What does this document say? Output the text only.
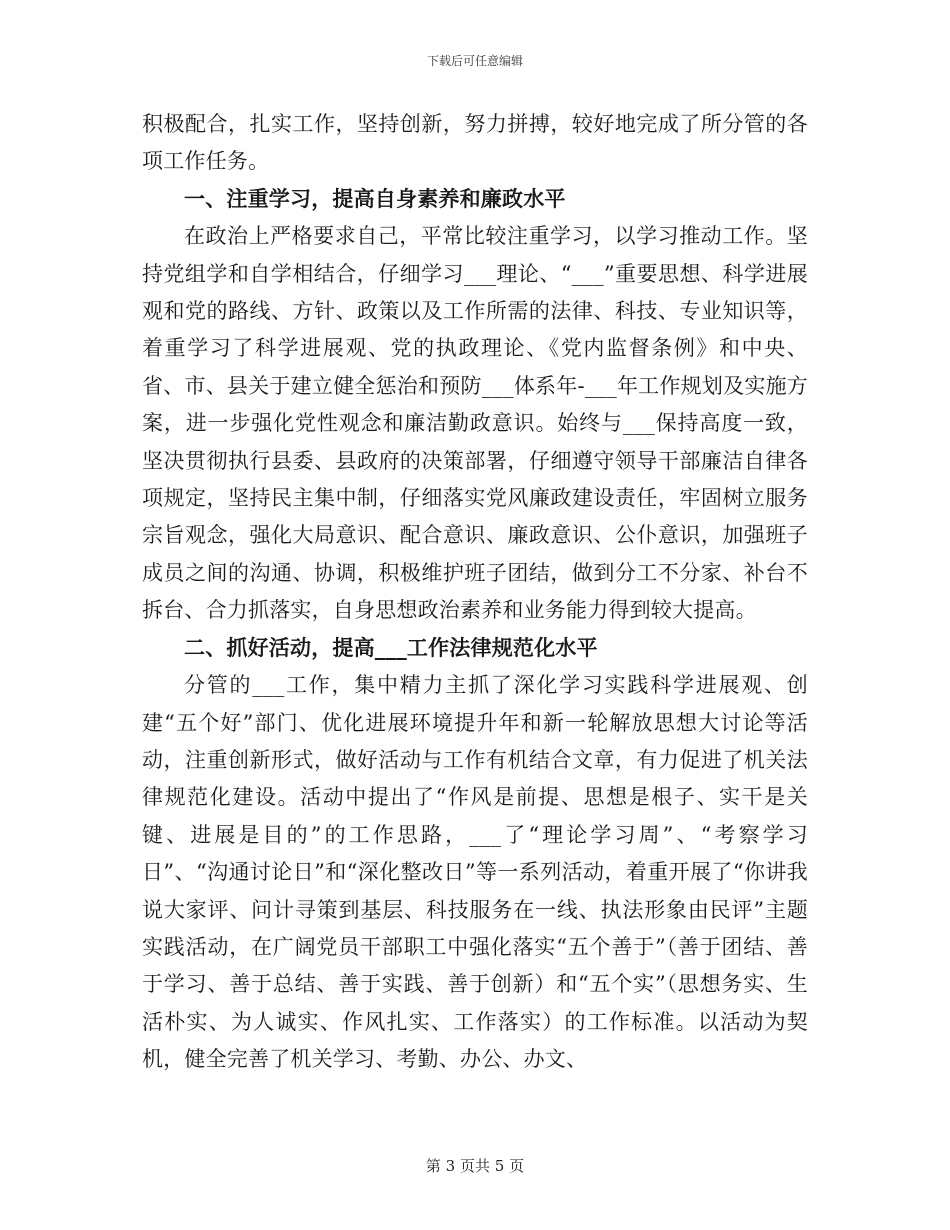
下载后可任意编辑

积极配合，扎实工作，坚持创新，努力拼搏，较好地完成了所分管的各项工作任务。

一、注重学习，提高自身素养和廉政水平

在政治上严格要求自己，平常比较注重学习，以学习推动工作。坚持党组学和自学相结合，仔细学习___理论、“___”重要思想、科学进展观和党的路线、方针、政策以及工作所需的法律、科技、专业知识等，着重学习了科学进展观、党的执政理论、《党内监督条例》和中央、省、市、县关于建立健全惩治和预防___体系年-___年工作规划及实施方案，进一步强化党性观念和廉洁勤政意识。始终与___保持高度一致，坚决贯彻执行县委、县政府的决策部署，仔细遵守领导干部廉洁自律各项规定，坚持民主集中制，仔细落实党风廉政建设责任，牢固树立服务宗旨观念，强化大局意识、配合意识、廉政意识、公仆意识，加强班子成员之间的沟通、协调，积极维护班子团结，做到分工不分家、补台不拆台、合力抓落实，自身思想政治素养和业务能力得到较大提高。

二、抓好活动，提高___工作法律规范化水平

分管的___工作，集中精力主抓了深化学习实践科学进展观、创建“五个好”部门、优化进展环境提升年和新一轮解放思想大讨论等活动，注重创新形式，做好活动与工作有机结合文章，有力促进了机关法律规范化建设。活动中提出了“作风是前提、思想是根子、实干是关键、进展是目的”的工作思路，___了“理论学习周”、“考察学习日”、“沟通讨论日”和“深化整改日”等一系列活动，着重开展了“你讲我说大家评、问计寻策到基层、科技服务在一线、执法形象由民评”主题实践活动，在广阔党员干部职工中强化落实“五个善于”（善于团结、善于学习、善于总结、善于实践、善于创新）和“五个实”（思想务实、生活朴实、为人诚实、作风扎实、工作落实）的工作标准。以活动为契机，健全完善了机关学习、考勤、办公、办文、

第 3 页共 5 页
